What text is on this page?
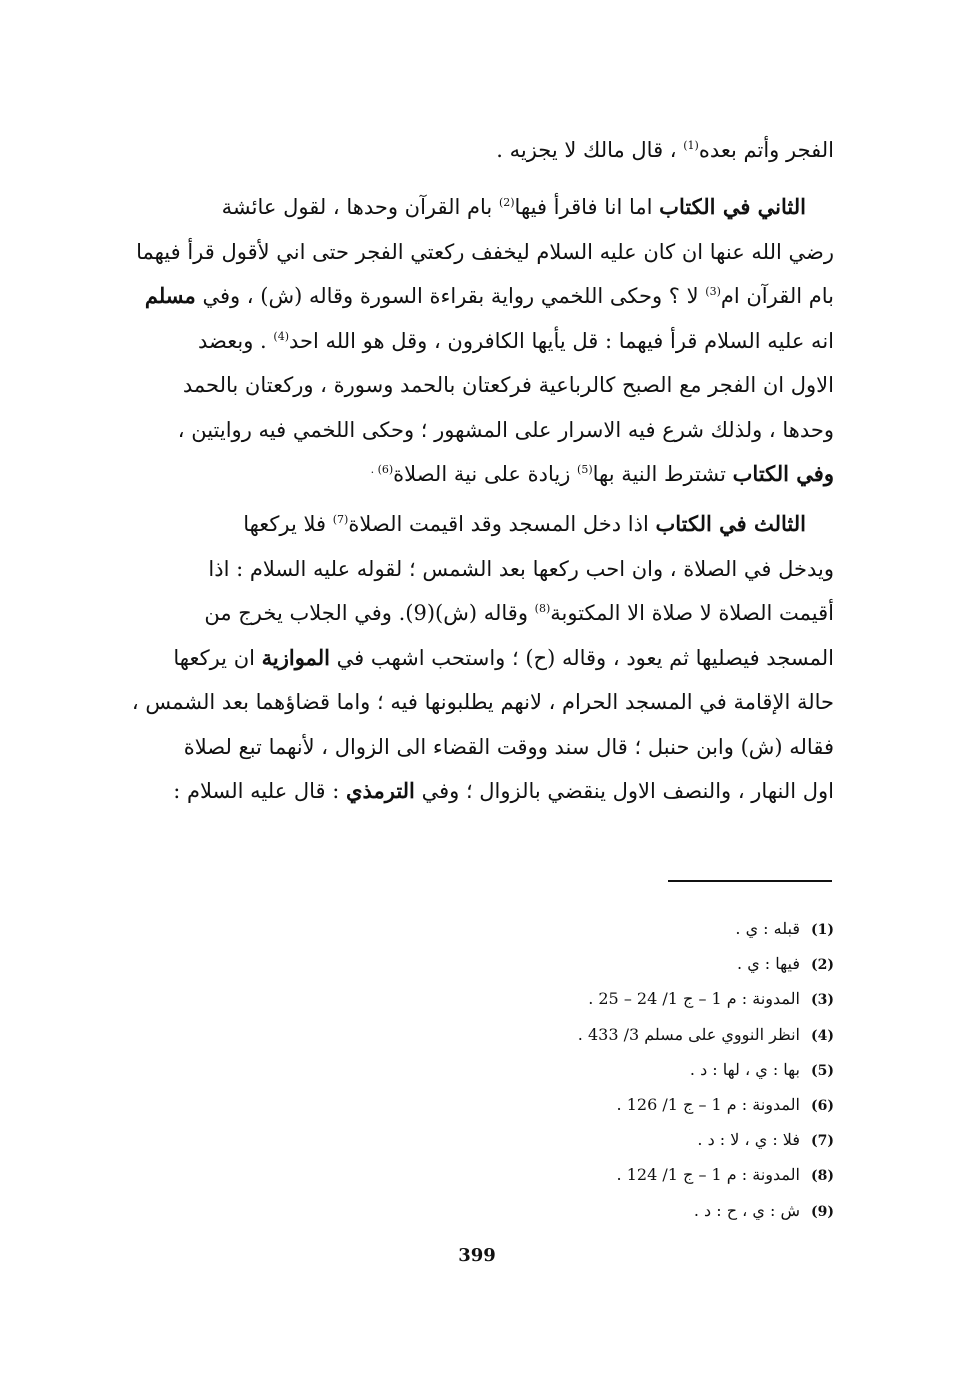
الفجر وأتم بعده$^{(1)}$ ، قال مالك لا يجزيه .
الثاني في الكتاب اما انا فاقرأ فيها$^{(2)}$ بام القرآن وحدها ، لقول عائشة
رضي الله عنها ان كان عليه السلام ليخفف ركعتي الفجر حتى اني لأقول قرأ فيهما
بام القرآن ام$^{(3)}$ لا ؟ وحكى اللخمي رواية بقراءة السورة وقاله (ش) ، وفي مسلم
انه عليه السلام قرأ فيهما : قل يأيها الكافرون ، وقل هو الله احد$^{(4)}$ . وبعضد
الاول ان الفجر مع الصبح كالرباعية فركعتان بالحمد وسورة ، وركعتان بالحمد
وحدها ، ولذلك شرع فيه الاسرار على المشهور ؛ وحكى اللخمي فيه روايتين ،
وفي الكتاب تشترط النية بها$^{(5)}$ زيادة على نية الصلاة$^{(6) .}$
الثالث في الكتاب اذا دخل المسجد وقد اقيمت الصلاة$^{(7)}$ فلا يركعها
ويدخل في الصلاة ، وان احب ركعها بعد الشمس ؛ لقوله عليه السلام : اذا
أقيمت الصلاة لا صلاة الا المكتوبة$^{(8)}$ وقاله (ش)(9). وفي الجلاب يخرج من
المسجد فيصليها ثم يعود ، وقاله (ح) ؛ واستحب اشهب في الموازية ان يركعها
حالة الإقامة في المسجد الحرام ، لانهم يطلبونها فيه ؛ واما قضاؤهما بعد الشمس ،
فقاله (ش) وابن حنبل ؛ قال سند ووقت القضاء الى الزوال ، لأنهما تبع لصلاة
اول النهار ، والنصف الاول ينقضي بالزوال ؛ وفي الترمذي : قال عليه السلام :
(1)قبله : ي .
(2)فيها : ي .
(3)المدونة : م 1 – ج 1/ 24 – 25 .
(4)انظر النووي على مسلم 3/ 433 .
(5)بها : ي ، لها : د .
(6)المدونة : م 1 – ج 1/ 126 .
(7)فلا : ي ، لا : د .
(8)المدونة : م 1 – ج 1/ 124 .
(9)ش : ي ، ح : د .
399
